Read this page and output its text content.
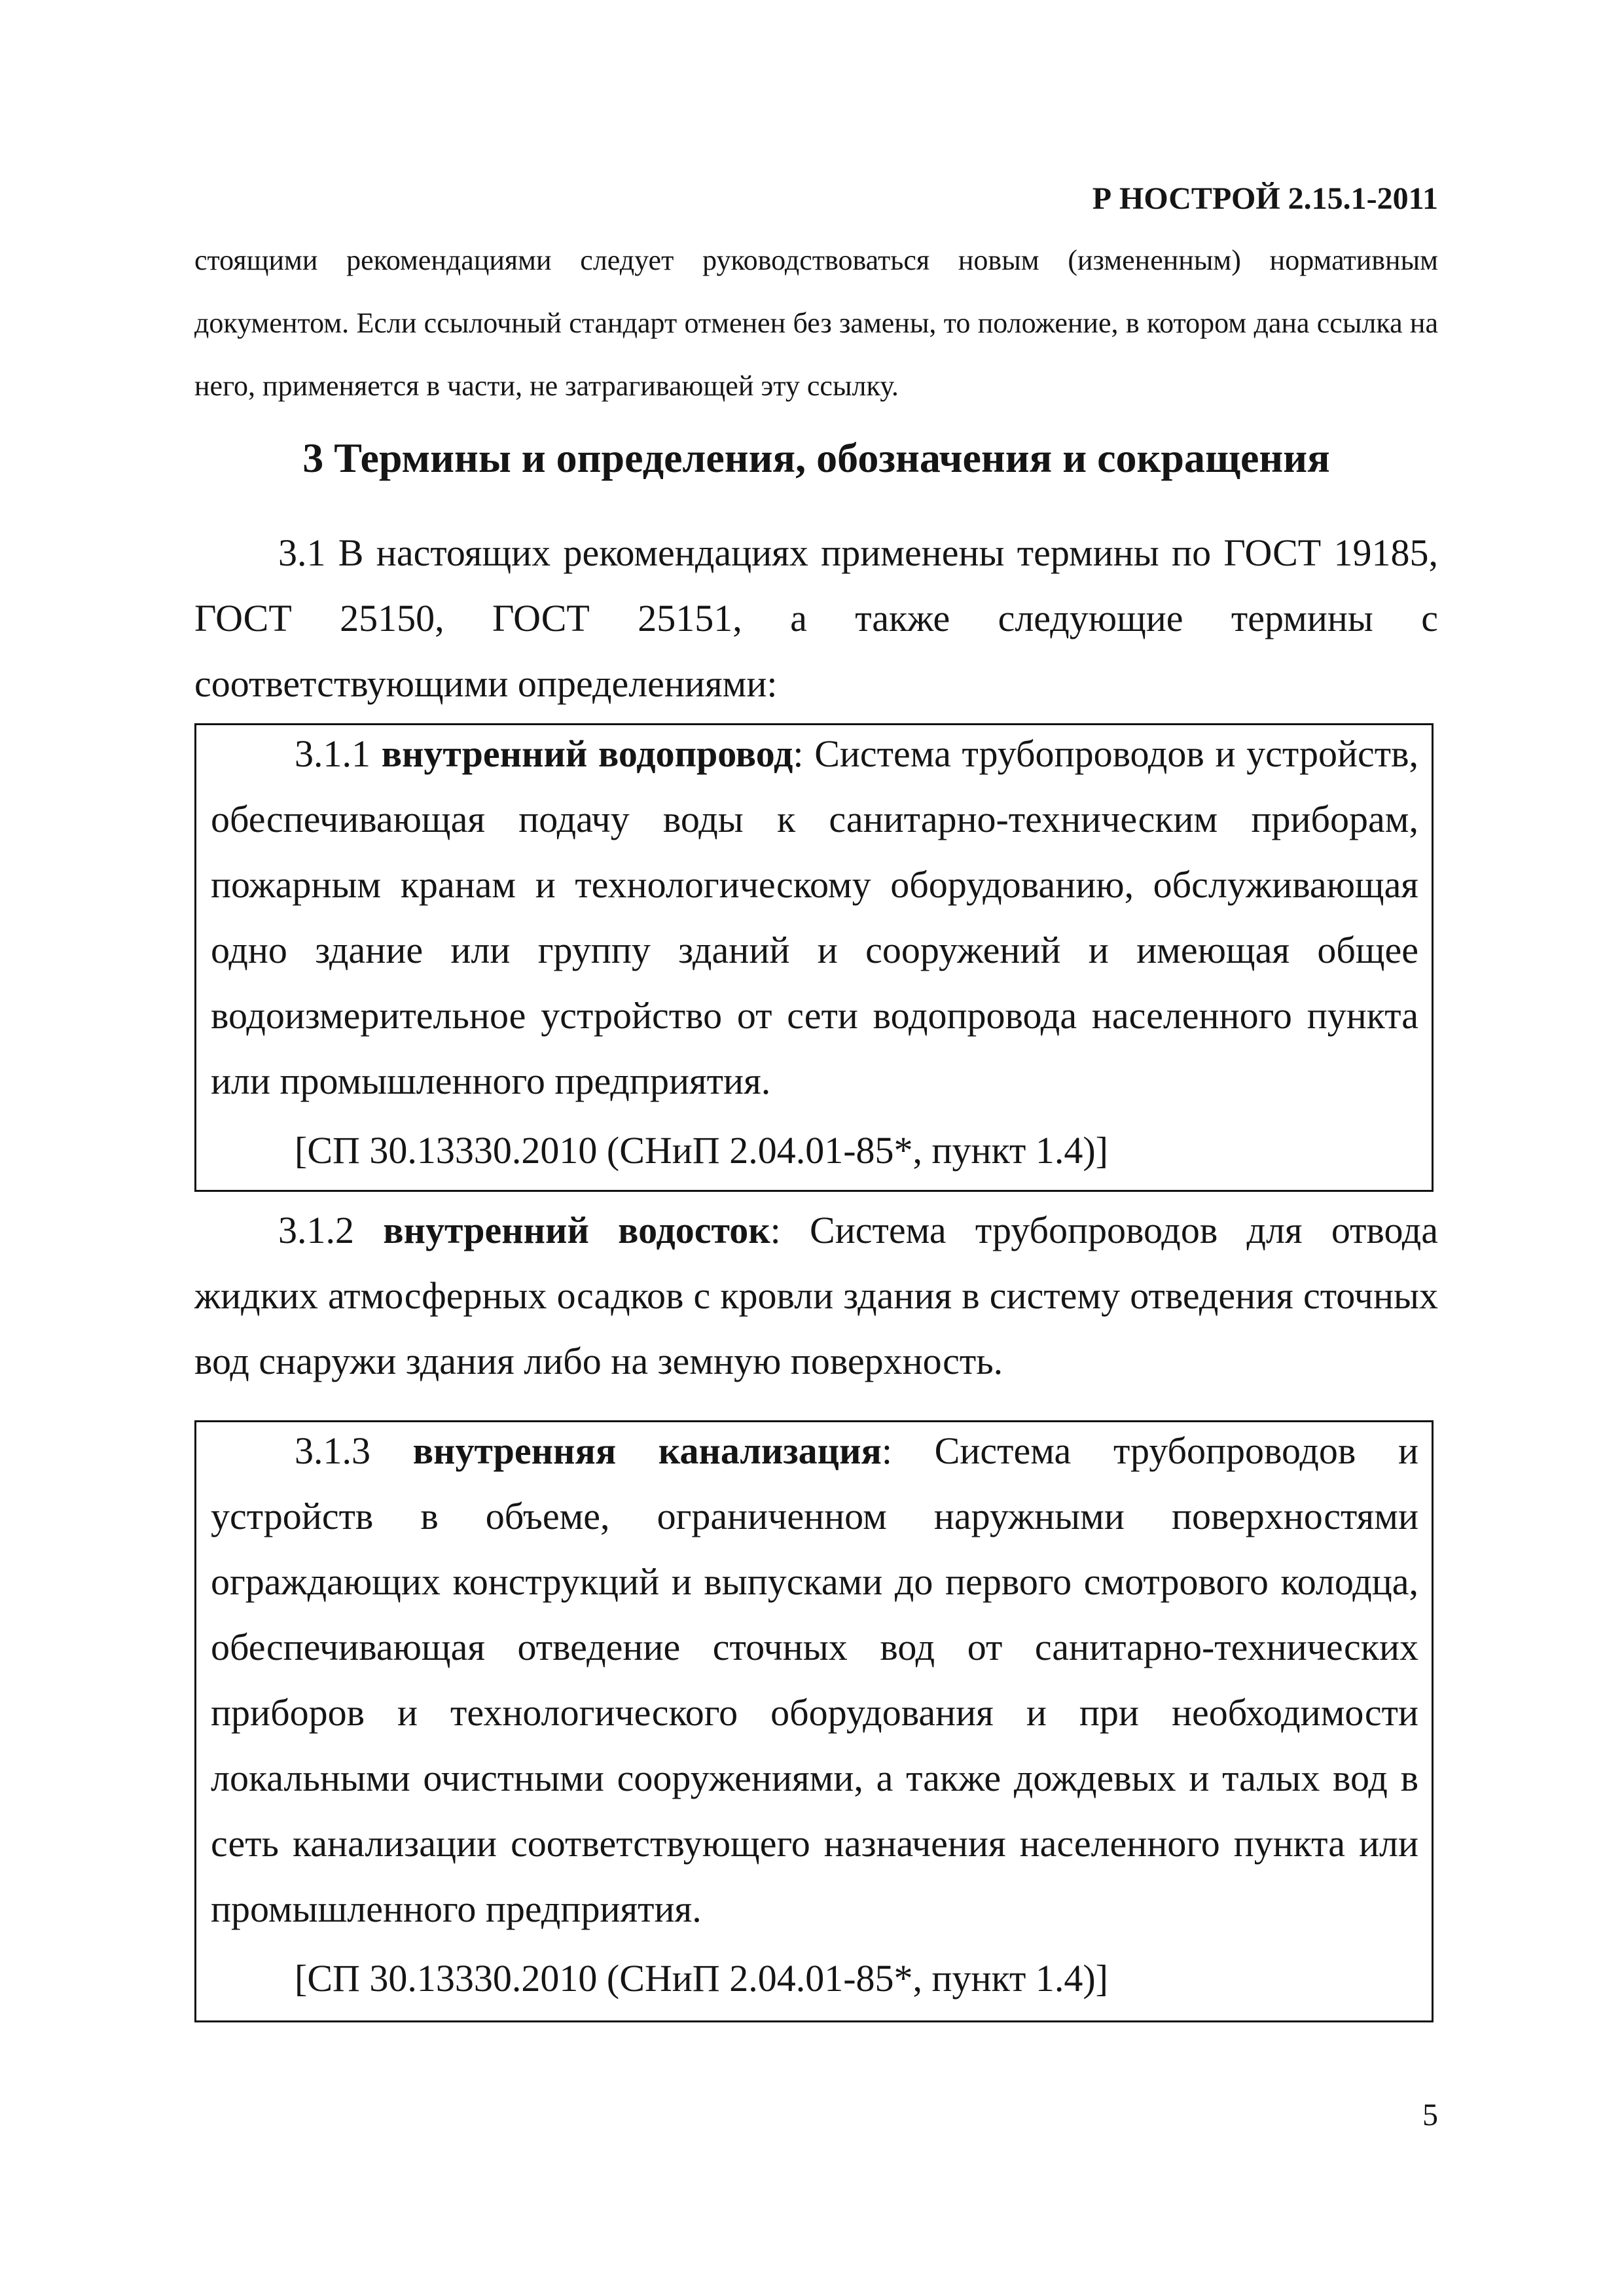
Р НОСТРОЙ 2.15.1-2011
стоящими рекомендациями следует руководствоваться новым (измененным) нормативным документом. Если ссылочный стандарт отменен без замены, то положение, в котором дана ссылка на него, применяется в части, не затрагивающей эту ссылку.
3 Термины и определения, обозначения и сокращения
3.1 В настоящих рекомендациях применены термины по ГОСТ 19185, ГОСТ 25150, ГОСТ 25151, а также следующие термины с соответствующими определениями:
3.1.1 внутренний водопровод: Система трубопроводов и устройств, обеспечивающая подачу воды к санитарно-техническим приборам, пожарным кранам и технологическому оборудованию, обслуживающая одно здание или группу зданий и сооружений и имеющая общее водоизмерительное устройство от сети водопровода населенного пункта или промышленного предприятия.
[СП 30.13330.2010 (СНиП 2.04.01-85*, пункт 1.4)]
3.1.2 внутренний водосток: Система трубопроводов для отвода жидких атмосферных осадков с кровли здания в систему отведения сточных вод снаружи здания либо на земную поверхность.
3.1.3 внутренняя канализация: Система трубопроводов и устройств в объеме, ограниченном наружными поверхностями ограждающих конструкций и выпусками до первого смотрового колодца, обеспечивающая отведение сточных вод от санитарно-технических приборов и технологического оборудования и при необходимости локальными очистными сооружениями, а также дождевых и талых вод в сеть канализации соответствующего назначения населенного пункта или промышленного предприятия.
[СП 30.13330.2010 (СНиП 2.04.01-85*, пункт 1.4)]
5
